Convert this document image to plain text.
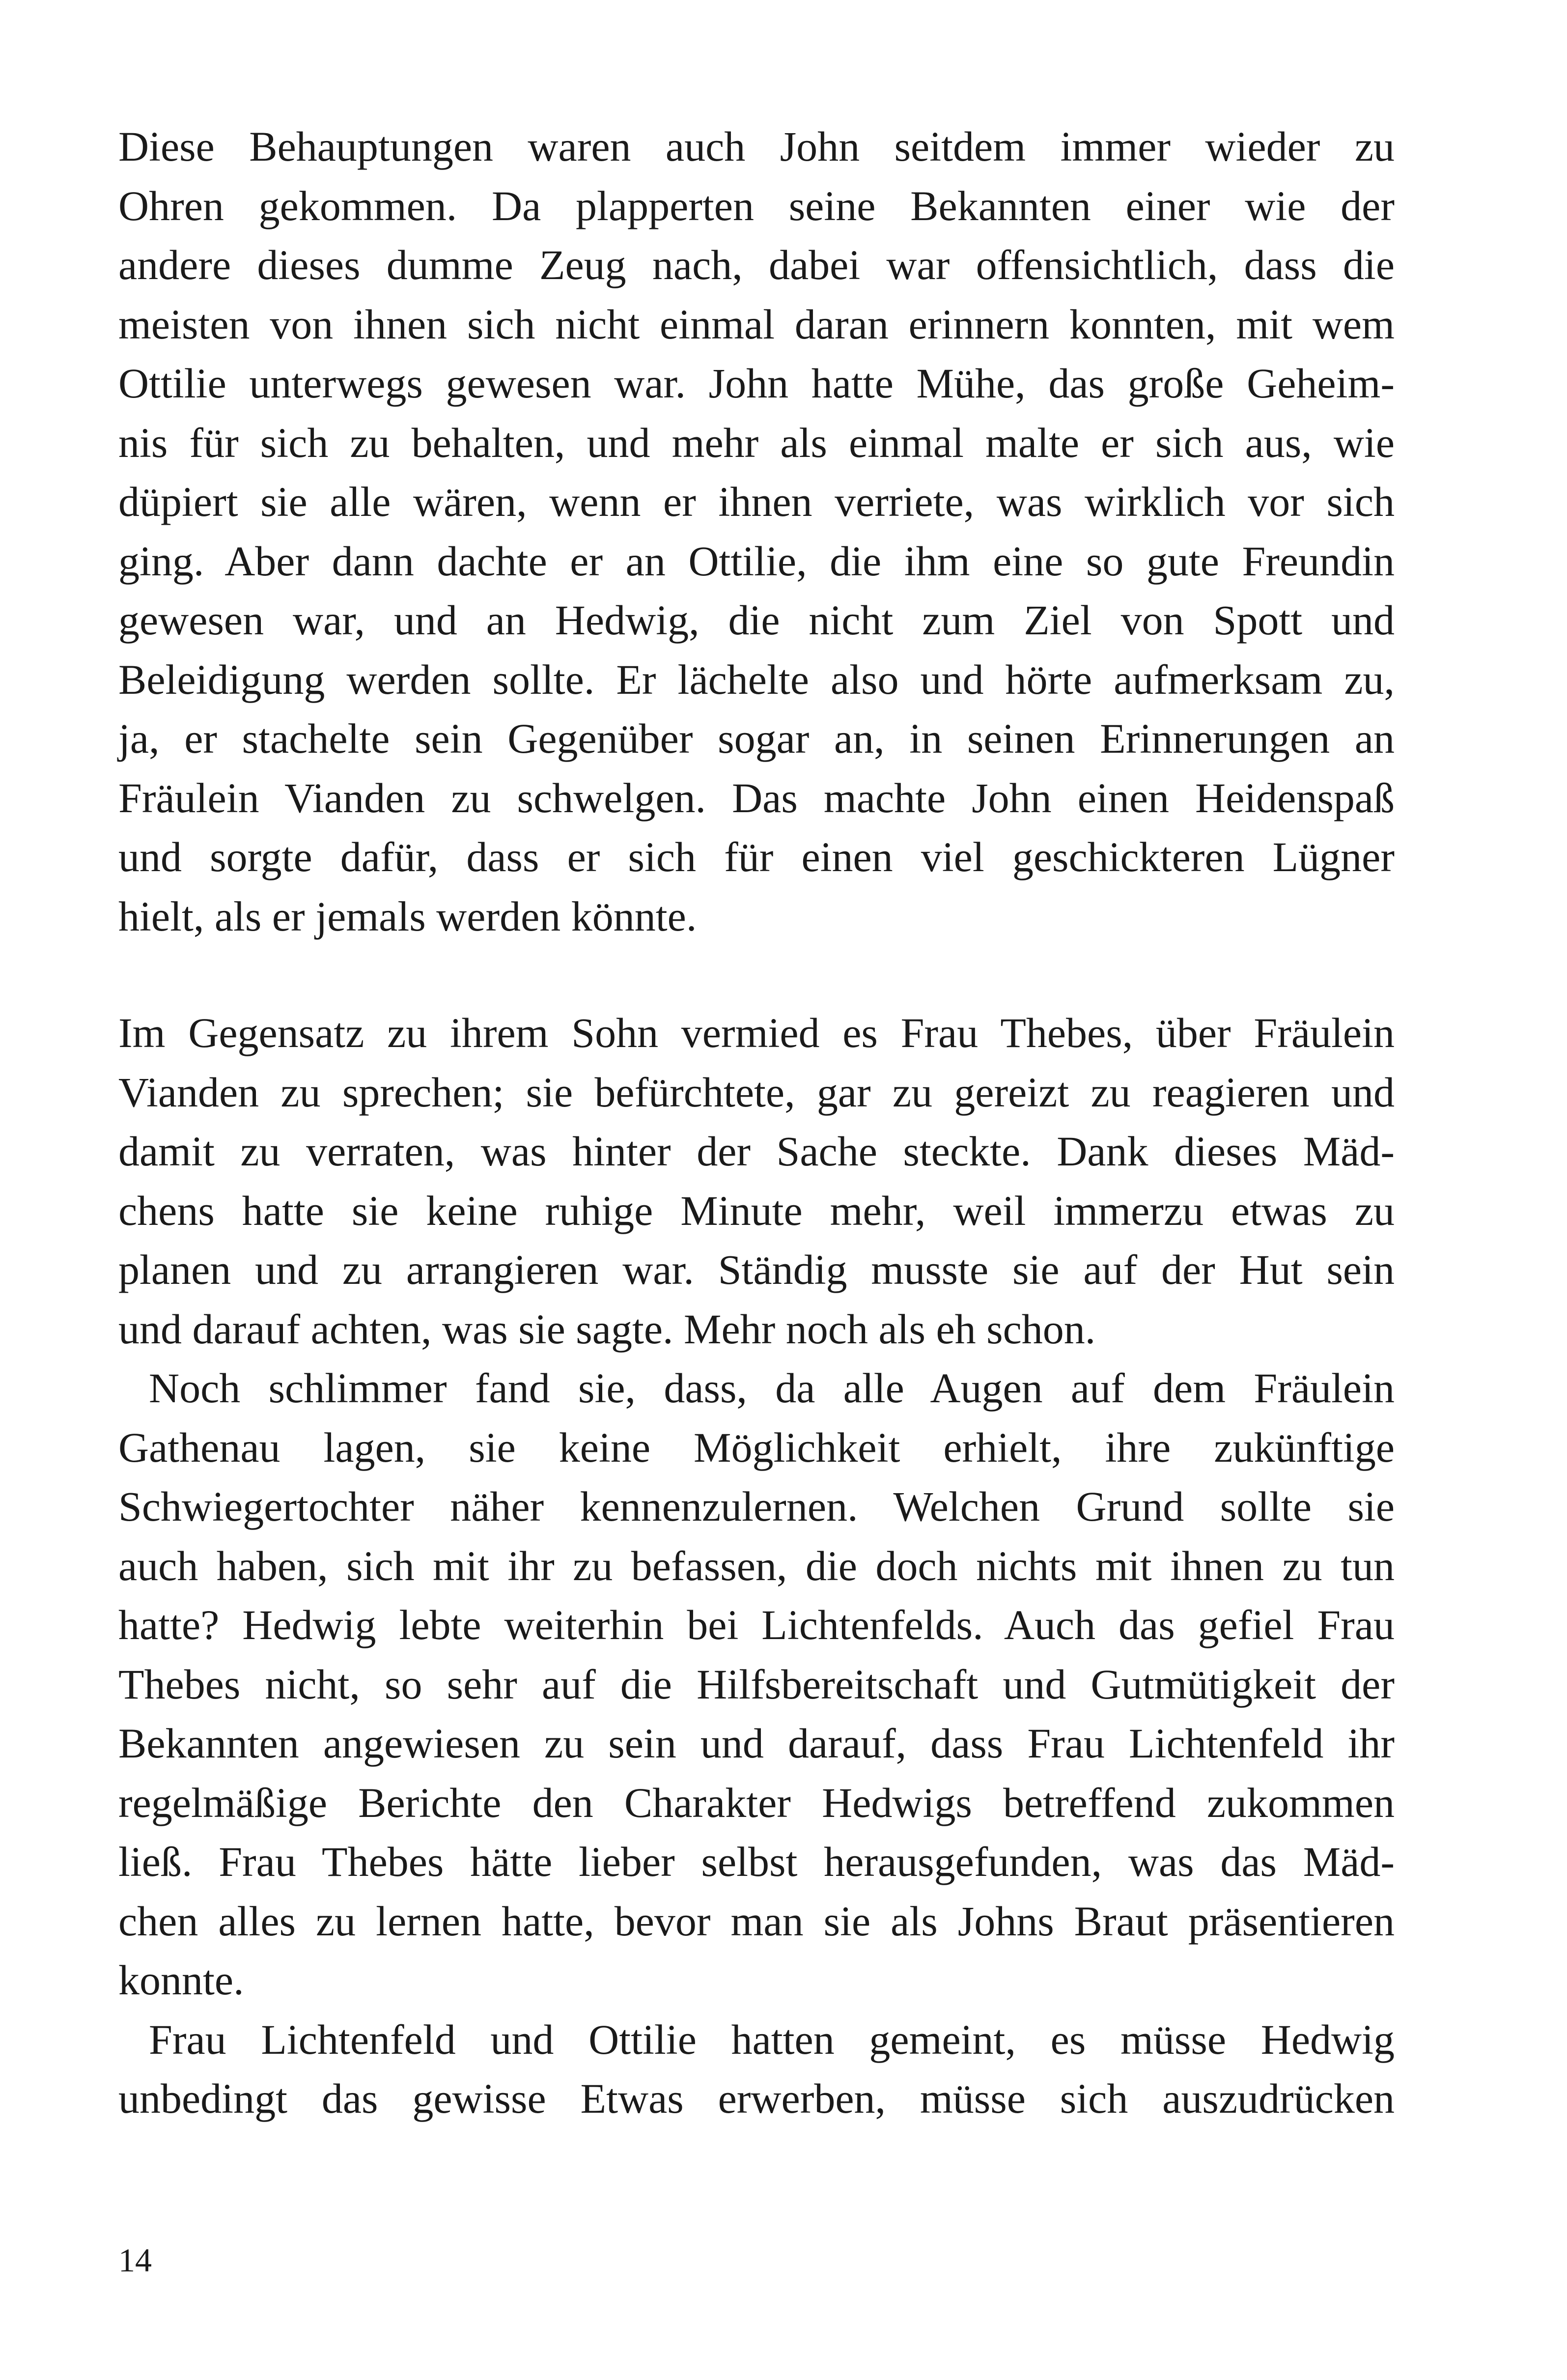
Diese Behauptungen waren auch John seitdem immer wieder zu
Ohren gekommen. Da plapperten seine Bekannten einer wie der
andere dieses dumme Zeug nach, dabei war offensichtlich, dass die
meisten von ihnen sich nicht einmal daran erinnern konnten, mit wem
Ottilie unterwegs gewesen war. John hatte Mühe, das große Geheim-
nis für sich zu behalten, und mehr als einmal malte er sich aus, wie
düpiert sie alle wären, wenn er ihnen verriete, was wirklich vor sich
ging. Aber dann dachte er an Ottilie, die ihm eine so gute Freundin
gewesen war, und an Hedwig, die nicht zum Ziel von Spott und
Beleidigung werden sollte. Er lächelte also und hörte aufmerksam zu,
ja, er stachelte sein Gegenüber sogar an, in seinen Erinnerungen an
Fräulein Vianden zu schwelgen. Das machte John einen Heidenspaß
und sorgte dafür, dass er sich für einen viel geschickteren Lügner
hielt, als er jemals werden könnte.
Im Gegensatz zu ihrem Sohn vermied es Frau Thebes, über Fräulein
Vianden zu sprechen; sie befürchtete, gar zu gereizt zu reagieren und
damit zu verraten, was hinter der Sache steckte. Dank dieses Mäd-
chens hatte sie keine ruhige Minute mehr, weil immerzu etwas zu
planen und zu arrangieren war. Ständig musste sie auf der Hut sein
und darauf achten, was sie sagte. Mehr noch als eh schon.
Noch schlimmer fand sie, dass, da alle Augen auf dem Fräulein
Gathenau lagen, sie keine Möglichkeit erhielt, ihre zukünftige
Schwiegertochter näher kennenzulernen. Welchen Grund sollte sie
auch haben, sich mit ihr zu befassen, die doch nichts mit ihnen zu tun
hatte? Hedwig lebte weiterhin bei Lichtenfelds. Auch das gefiel Frau
Thebes nicht, so sehr auf die Hilfsbereitschaft und Gutmütigkeit der
Bekannten angewiesen zu sein und darauf, dass Frau Lichtenfeld ihr
regelmäßige Berichte den Charakter Hedwigs betreffend zukommen
ließ. Frau Thebes hätte lieber selbst herausgefunden, was das Mäd-
chen alles zu lernen hatte, bevor man sie als Johns Braut präsentieren
konnte.
Frau Lichtenfeld und Ottilie hatten gemeint, es müsse Hedwig
unbedingt das gewisse Etwas erwerben, müsse sich auszudrücken
14
